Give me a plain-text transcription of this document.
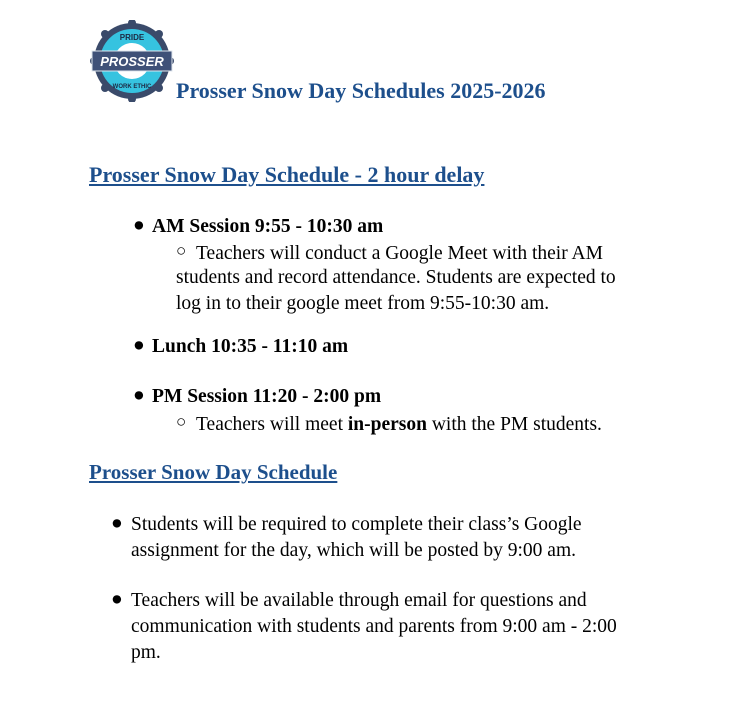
PROSSER
PRIDE
WORK ETHIC Prosser Snow Day Schedules 2025-2026
Prosser Snow Day Schedule - 2 hour delay
● AM Session 9:55 - 10:30 am
○ Teachers will conduct a Google Meet with their AM
students and record attendance. Students are expected to
log in to their google meet from 9:55-10:30 am.
● Lunch 10:35 - 11:10 am
● PM Session 11:20 - 2:00 pm
○ Teachers will meet in-person with the PM students.
Prosser Snow Day Schedule
● Students will be required to complete their class’s Google
assignment for the day, which will be posted by 9:00 am.
● Teachers will be available through email for questions and
communication with students and parents from 9:00 am - 2:00
pm.
